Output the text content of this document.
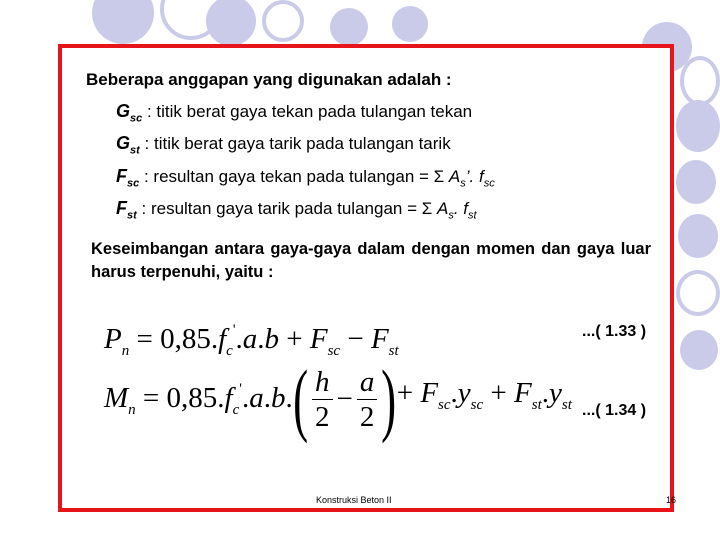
Beberapa anggapan yang digunakan adalah :
$G_{sc}$ : titik berat gaya tekan pada tulangan tekan
$G_{st}$ : titik berat gaya tarik pada tulangan tarik
$F_{sc}$ : resultan gaya tekan pada tulangan = Σ $A_s$’. $f_{sc}$
$F_{st}$ : resultan gaya tarik pada tulangan = Σ $A_s$. $f_{st}$
Keseimbangan antara gaya-gaya dalam dengan momen dan gaya luar harus terpenuhi, yaitu :
$P_n = 0,85.f_c'.a.b + F_{sc} - F_{st}$
...( 1.33 )
$M_n = 0,85.f_c'.a.b.( \frac{h}{2} - \frac{a}{2}$ )+ $F_{sc}.y_{sc} + F_{st}.y_{st}$ ...( 1.34 )
Konstruksi Beton II	16
